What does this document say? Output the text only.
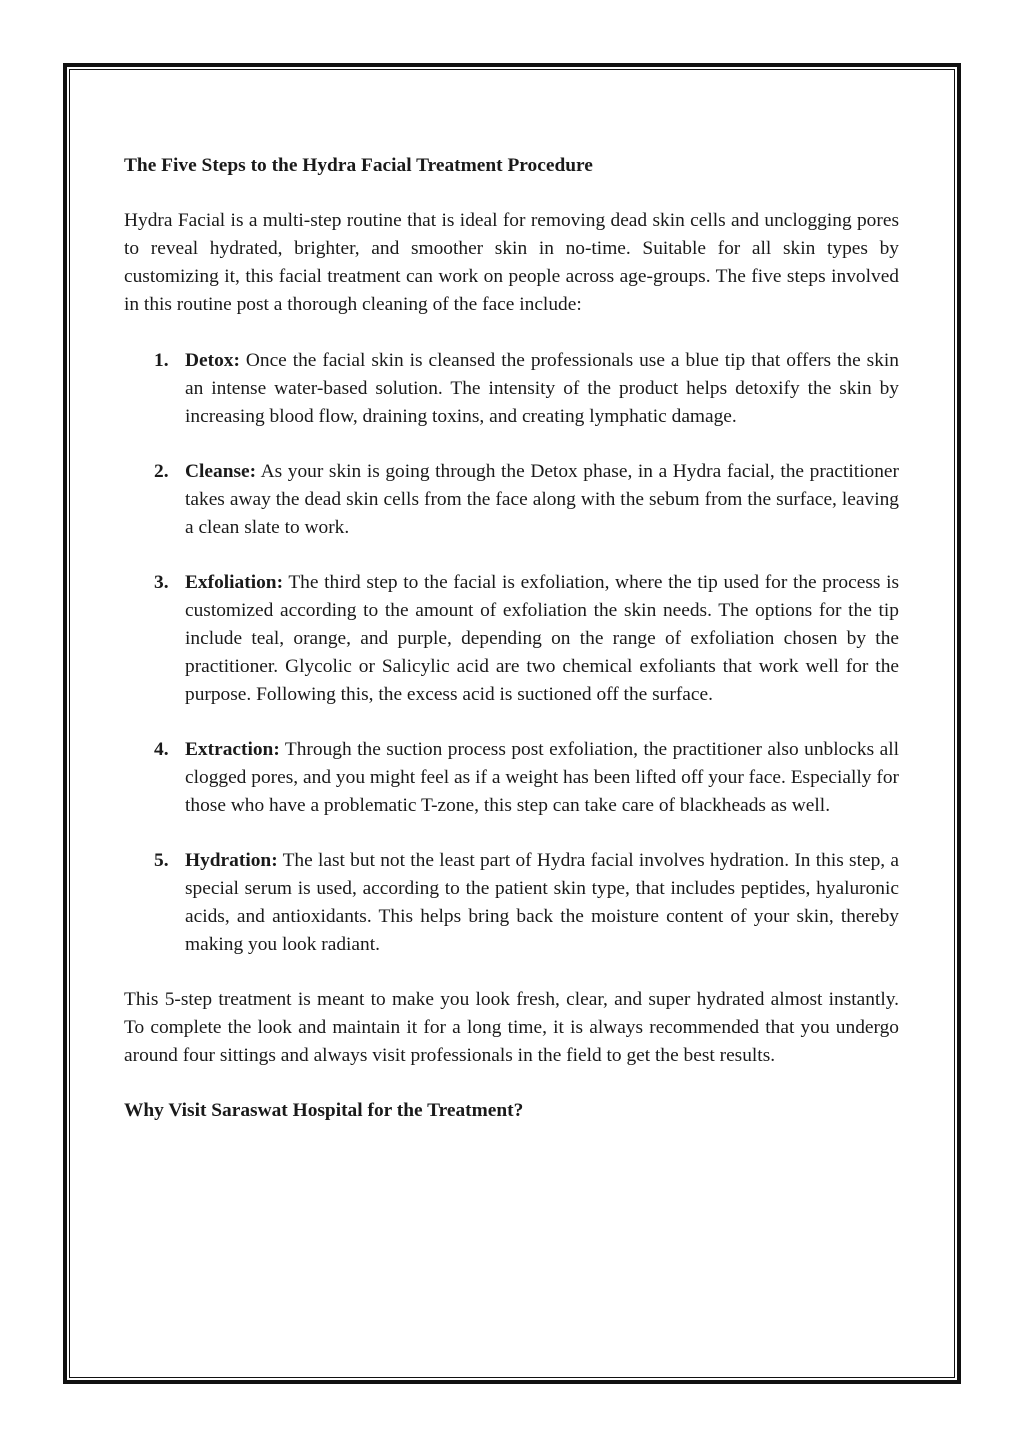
The Five Steps to the Hydra Facial Treatment Procedure

Hydra Facial is a multi-step routine that is ideal for removing dead skin cells and unclogging pores to reveal hydrated, brighter, and smoother skin in no-time. Suitable for all skin types by customizing it, this facial treatment can work on people across age-groups. The five steps involved in this routine post a thorough cleaning of the face include:

1. Detox: Once the facial skin is cleansed the professionals use a blue tip that offers the skin an intense water-based solution. The intensity of the product helps detoxify the skin by increasing blood flow, draining toxins, and creating lymphatic damage.
2. Cleanse: As your skin is going through the Detox phase, in a Hydra facial, the practitioner takes away the dead skin cells from the face along with the sebum from the surface, leaving a clean slate to work.
3. Exfoliation: The third step to the facial is exfoliation, where the tip used for the process is customized according to the amount of exfoliation the skin needs. The options for the tip include teal, orange, and purple, depending on the range of exfoliation chosen by the practitioner. Glycolic or Salicylic acid are two chemical exfoliants that work well for the purpose. Following this, the excess acid is suctioned off the surface.
4. Extraction: Through the suction process post exfoliation, the practitioner also unblocks all clogged pores, and you might feel as if a weight has been lifted off your face. Especially for those who have a problematic T-zone, this step can take care of blackheads as well.
5. Hydration: The last but not the least part of Hydra facial involves hydration. In this step, a special serum is used, according to the patient skin type, that includes peptides, hyaluronic acids, and antioxidants. This helps bring back the moisture content of your skin, thereby making you look radiant.

This 5-step treatment is meant to make you look fresh, clear, and super hydrated almost instantly. To complete the look and maintain it for a long time, it is always recommended that you undergo around four sittings and always visit professionals in the field to get the best results.

Why Visit Saraswat Hospital for the Treatment?
